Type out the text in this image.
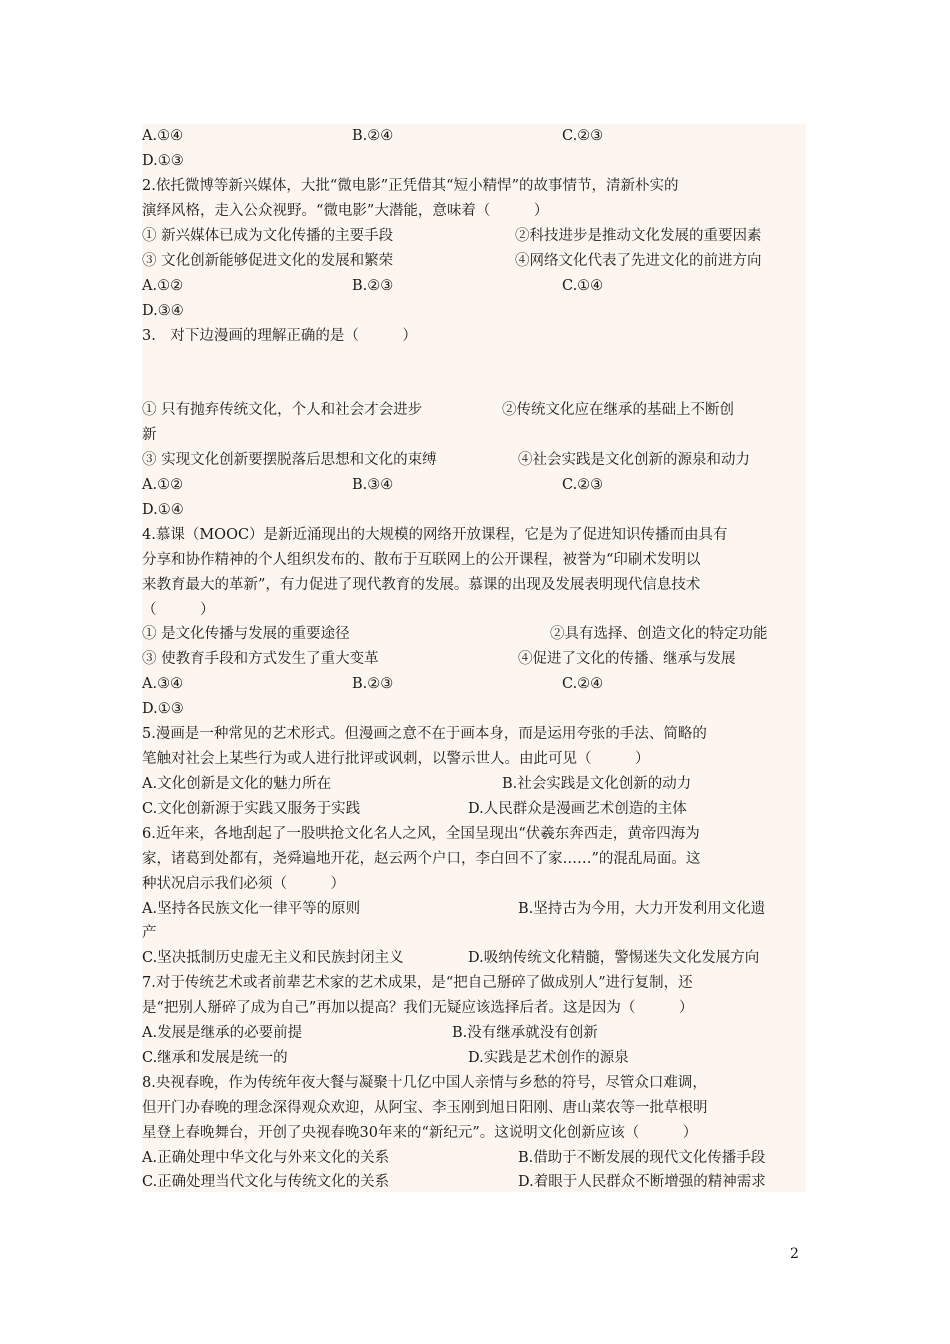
A.①④	B.②④	C.②③
D.①③
2.依托微博等新兴媒体，大批“微电影”正凭借其“短小精悍”的故事情节，清新朴实的
演绎风格，走入公众视野。“微电影”大潜能，意味着（　　　）
① 新兴媒体已成为文化传播的主要手段	②科技进步是推动文化发展的重要因素
③ 文化创新能够促进文化的发展和繁荣	④网络文化代表了先进文化的前进方向
A.①②	B.②③	C.①④
D.③④
3.　对下边漫画的理解正确的是（　　　）
① 只有抛弃传统文化，个人和社会才会进步	②传统文化应在继承的基础上不断创
新
③ 实现文化创新要摆脱落后思想和文化的束缚	④社会实践是文化创新的源泉和动力
A.①②	B.③④	C.②③
D.①④
4.慕课（MOOC）是新近涌现出的大规模的网络开放课程，它是为了促进知识传播而由具有
分享和协作精神的个人组织发布的、散布于互联网上的公开课程，被誉为“印刷术发明以
来教育最大的革新”，有力促进了现代教育的发展。慕课的出现及发展表明现代信息技术
（　　　）
① 是文化传播与发展的重要途径	②具有选择、创造文化的特定功能
③ 使教育手段和方式发生了重大变革	④促进了文化的传播、继承与发展
A.③④	B.②③	C.②④
D.①③
5.漫画是一种常见的艺术形式。但漫画之意不在于画本身，而是运用夸张的手法、简略的
笔触对社会上某些行为或人进行批评或讽刺，以警示世人。由此可见（　　　）
A.文化创新是文化的魅力所在	B.社会实践是文化创新的动力
C.文化创新源于实践又服务于实践	D.人民群众是漫画艺术创造的主体
6.近年来，各地刮起了一股哄抢文化名人之风，全国呈现出“伏羲东奔西走，黄帝四海为
家，诸葛到处都有，尧舜遍地开花，赵云两个户口，李白回不了家……”的混乱局面。这
种状况启示我们必须（　　　）
A.坚持各民族文化一律平等的原则	B.坚持古为今用，大力开发利用文化遗
产
C.坚决抵制历史虚无主义和民族封闭主义	D.吸纳传统文化精髓，警惕迷失文化发展方向
7.对于传统艺术或者前辈艺术家的艺术成果，是“把自己掰碎了做成别人”进行复制，还
是“把别人掰碎了成为自己”再加以提高？我们无疑应该选择后者。这是因为（　　　）
A.发展是继承的必要前提	B.没有继承就没有创新
C.继承和发展是统一的	D.实践是艺术创作的源泉
8.央视春晚，作为传统年夜大餐与凝聚十几亿中国人亲情与乡愁的符号，尽管众口难调，
但开门办春晚的理念深得观众欢迎，从阿宝、李玉刚到旭日阳刚、唐山菜农等一批草根明
星登上春晚舞台，开创了央视春晚30年来的“新纪元”。这说明文化创新应该（　　　）
A.正确处理中华文化与外来文化的关系	B.借助于不断发展的现代文化传播手段
C.正确处理当代文化与传统文化的关系	D.着眼于人民群众不断增强的精神需求
2
